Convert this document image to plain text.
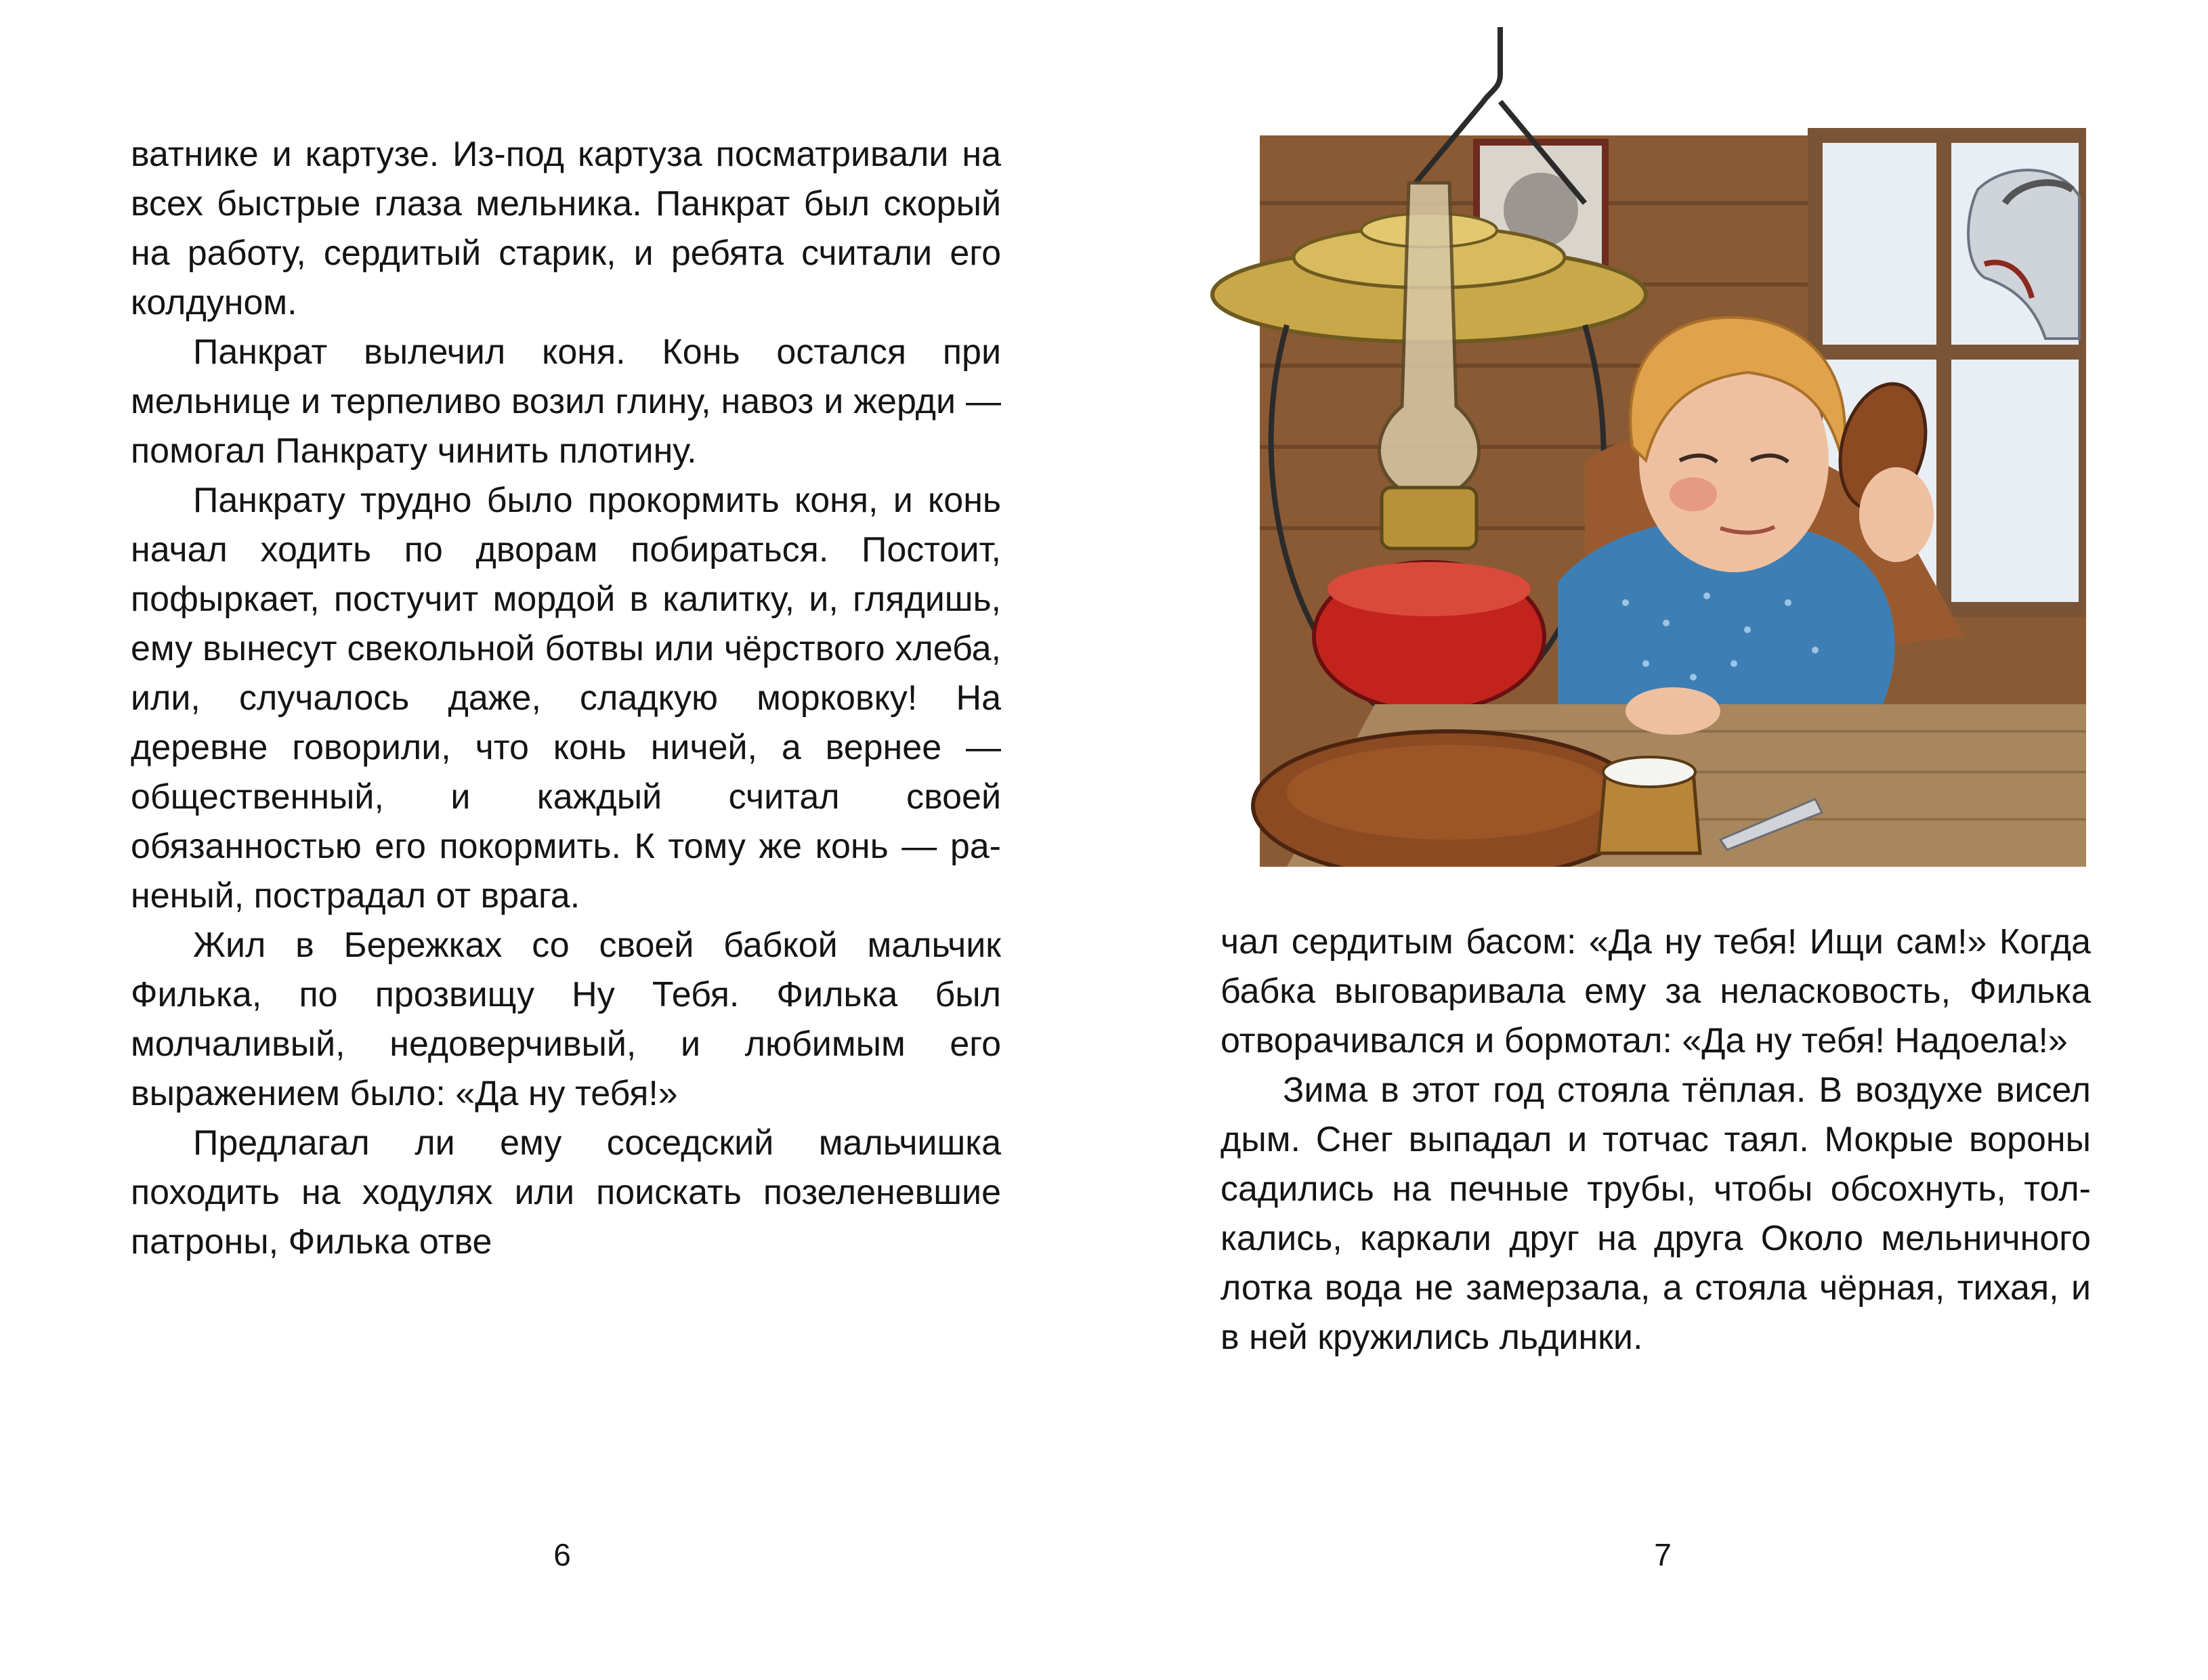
ватнике и картузе. Из-под картуза посматривали на всех быстрые глаза мельника. Панкрат был скорый на работу, сердитый старик, и ребята считали его колдуном.

Панкрат вылечил коня. Конь остался при мельнице и терпеливо возил глину, навоз и жерди — помогал Панкрату чинить плотину.

Панкрату трудно было прокормить коня, и конь начал ходить по дворам побираться. Постоит, пофыркает, постучит мордой в калитку, и, глядишь, ему вынесут свекольной ботвы или чёрствого хлеба, или, случалось даже, сладкую морковку! На деревне говорили, что конь ничей, а вернее — общественный, и каждый считал своей обязанностью его покормить. К тому же конь — раненый, пострадал от врага.

Жил в Бережках со своей бабкой мальчик Филька, по прозвищу Ну Тебя. Филька был молчаливый, недоверчивый, и любимым его выражением было: «Да ну тебя!»

Предлагал ли ему соседский мальчишка походить на ходулях или поискать позеленевшие патроны, Филька отве

6

чал сердитым басом: «Да ну тебя! Ищи сам!» Когда бабка выговаривала ему за неласковость, Филька отворачивался и бормотал: «Да ну тебя! Надоела!»

Зима в этот год стояла тёплая. В воздухе висел дым. Снег выпадал и тотчас таял. Мокрые вороны садились на печные трубы, чтобы обсохнуть, толкались, каркали друг на друга Около мельничного лотка вода не замерзала, а стояла чёрная, тихая, и в ней кружились льдинки.

7
